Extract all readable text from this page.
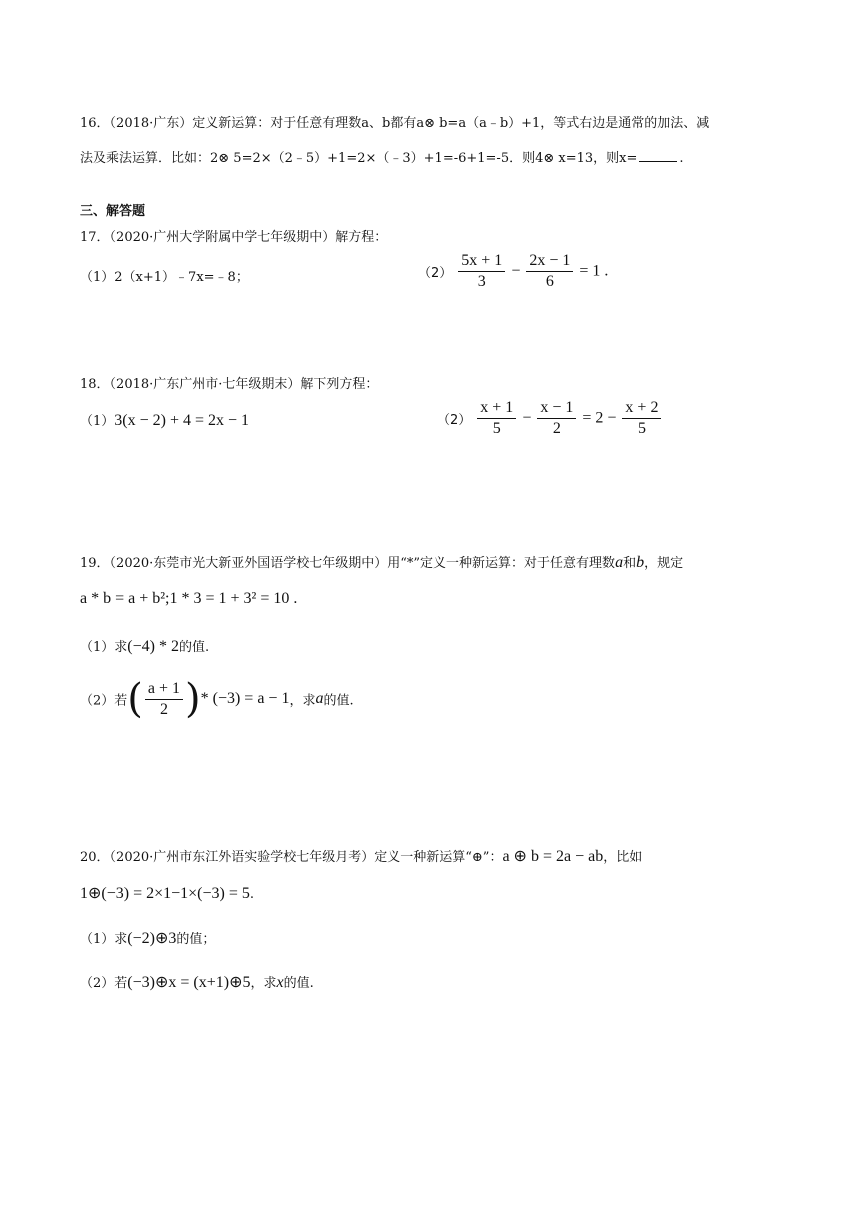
16．（2018·广东）定义新运算：对于任意有理数a、b都有a⊗ b=a（a﹣b）+1，等式右边是通常的加法、减
法及乘法运算．比如：2⊗ 5=2×（2﹣5）+1=2×（﹣3）+1=-6+1=-5．则4⊗ x=13，则x=	.
三、解答题
17．（2020·广州大学附属中学七年级期中）解方程：
（1）2（x+1）﹣7x=﹣8；	$(2) \frac{5x + 1}{3} - \frac{2x - 1}{6} = 1$ .
18．（2018·广东广州市·七年级期末）解下列方程：
（1）3(x − 2) + 4 = 2x − 1	$(2) \frac{x + 1}{5} - \frac{x - 1}{2} = 2 - \frac{x + 2}{5}$
19．（2020·东莞市光大新亚外国语学校七年级期中）用“*”定义一种新运算：对于任意有理数a和b，规定
a * b = a + b²;1 * 3 = 1 + 3² = 10 .
（1）求(−4) * 2的值.
（2）若( $\frac{a + 1}{2}$ )* (−3) = a − 1，求a的值.
20．（2020·广州市东江外语实验学校七年级月考）定义一种新运算“⊕”：a ⊕ b = 2a − ab，比如
1⊕(−3) = 2×1−1×(−3) = 5.
（1）求(−2)⊕3的值；
（2）若(−3)⊕x = (x+1)⊕5，求x的值.
